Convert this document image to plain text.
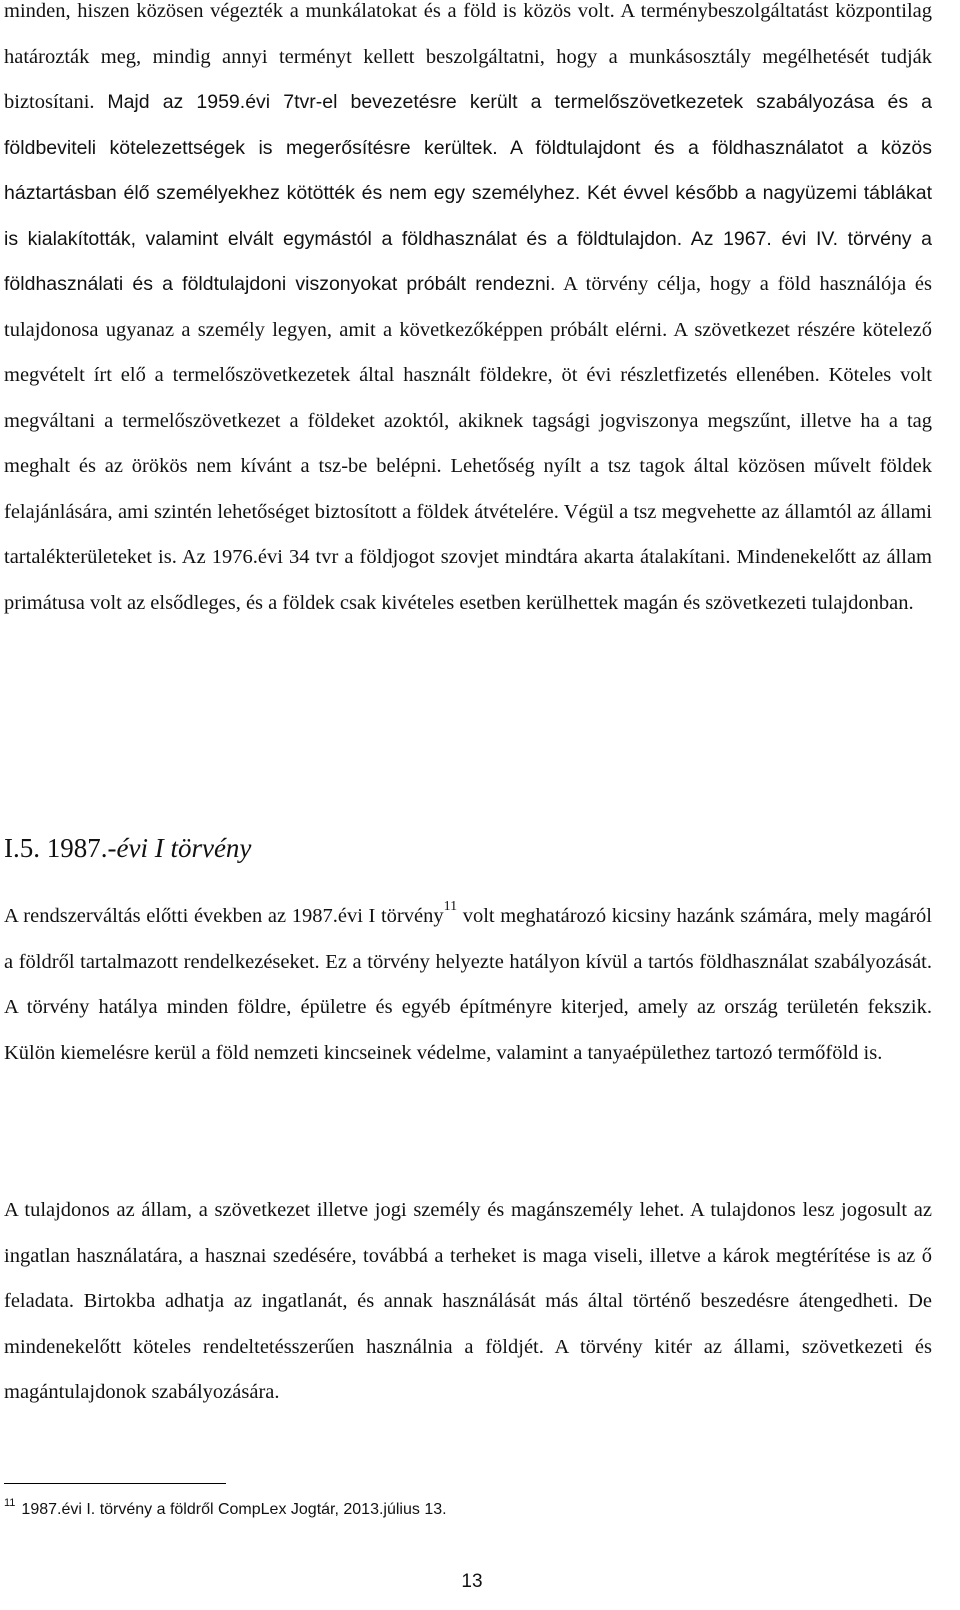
minden, hiszen közösen végezték a munkálatokat és a föld is közös volt. A terménybeszolgáltatást központilag határozták meg, mindig annyi terményt kellett beszolgáltatni, hogy a munkásosztály megélhetését tudják biztosítani. Majd az 1959.évi 7tvr-el bevezetésre került a termelőszövetkezetek szabályozása és a földbeviteli kötelezettségek is megerősítésre kerültek. A földtulajdont és a földhasználatot a közös háztartásban élő személyekhez kötötték és nem egy személyhez. Két évvel később a nagyüzemi táblákat is kialakították, valamint elvált egymástól a földhasználat és a földtulajdon. Az 1967. évi IV. törvény a földhasználati és a földtulajdoni viszonyokat próbált rendezni. A törvény célja, hogy a föld használója és tulajdonosa ugyanaz a személy legyen, amit a következőképpen próbált elérni. A szövetkezet részére kötelező megvételt írt elő a termelőszövetkezetek által használt földekre, öt évi részletfizetés ellenében. Köteles volt megváltani a termelőszövetkezet a földeket azoktól, akiknek tagsági jogviszonya megszűnt, illetve ha a tag meghalt és az örökös nem kívánt a tsz-be belépni. Lehetőség nyílt a tsz tagok által közösen művelt földek felajánlására, ami szintén lehetőséget biztosított a földek átvételére. Végül a tsz megvehette az államtól az állami tartalékterületeket is. Az 1976.évi 34 tvr a földjogot szovjet mindtára akarta átalakítani. Mindenekelőtt az állam primátusa volt az elsődleges, és a földek csak kivételes esetben kerülhettek magán és szövetkezeti tulajdonban.

I.5. 1987.-évi I törvény

A rendszerváltás előtti években az 1987.évi I törvény$^{11}$ volt meghatározó kicsiny hazánk számára, mely magáról a földről tartalmazott rendelkezéseket. Ez a törvény helyezte hatályon kívül a tartós földhasználat szabályozását. A törvény hatálya minden földre, épületre és egyéb építményre kiterjed, amely az ország területén fekszik. Külön kiemelésre kerül a föld nemzeti kincseinek védelme, valamint a tanyaépülethez tartozó termőföld is.

A tulajdonos az állam, a szövetkezet illetve jogi személy és magánszemély lehet. A tulajdonos lesz jogosult az ingatlan használatára, a hasznai szedésére, továbbá a terheket is maga viseli, illetve a károk megtérítése is az ő feladata. Birtokba adhatja az ingatlanát, és annak használását más által történő beszedésre átengedheti. De mindenekelőtt köteles rendeltetésszerűen használnia a földjét. A törvény kitér az állami, szövetkezeti és magántulajdonok szabályozására.

$^{11}$ 1987.évi I. törvény a földről CompLex Jogtár, 2013.július 13.

13
